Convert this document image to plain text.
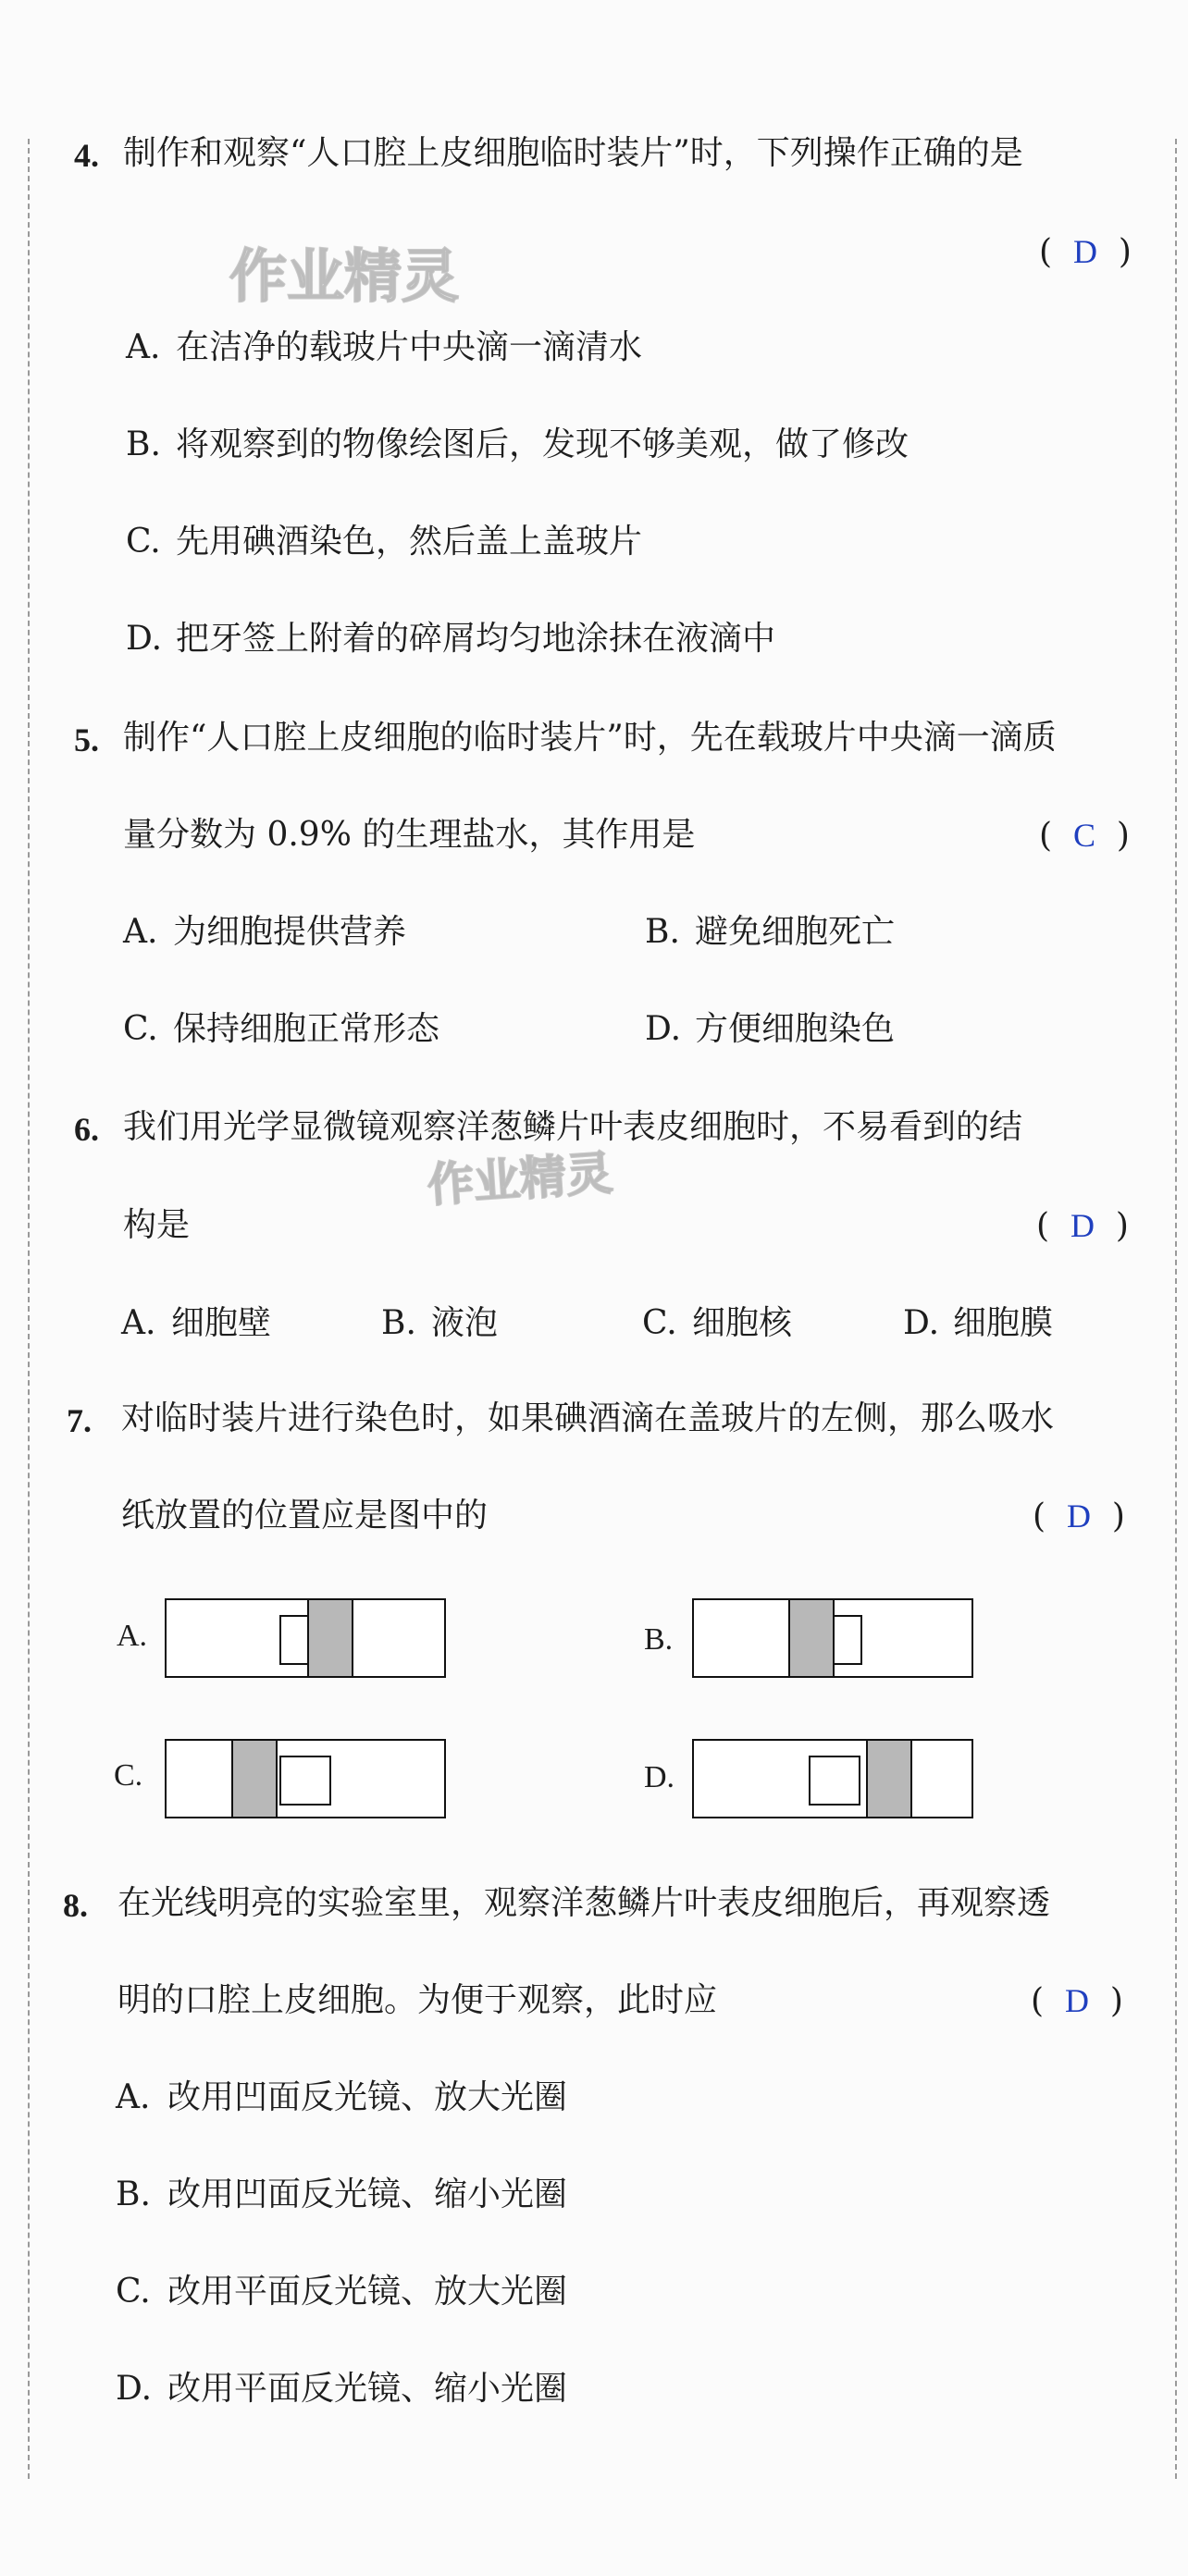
作业精灵
作业精灵
4. 制作和观察“人口腔上皮细胞临时装片”时，下列操作正确的是
(  D  )
A. 在洁净的载玻片中央滴一滴清水
B. 将观察到的物像绘图后，发现不够美观，做了修改
C. 先用碘酒染色，然后盖上盖玻片
D. 把牙签上附着的碎屑均匀地涂抹在液滴中
5. 制作“人口腔上皮细胞的临时装片”时，先在载玻片中央滴一滴质
量分数为 0.9% 的生理盐水，其作用是	(  C  )
A. 为细胞提供营养	B. 避免细胞死亡
C. 保持细胞正常形态	D. 方便细胞染色
6. 我们用光学显微镜观察洋葱鳞片叶表皮细胞时，不易看到的结
构是	(  D  )
A. 细胞壁	B. 液泡	C. 细胞核	D. 细胞膜
7. 对临时装片进行染色时，如果碘酒滴在盖玻片的左侧，那么吸水
纸放置的位置应是图中的	(  D  )
A.	B.
C.	D.
8. 在光线明亮的实验室里，观察洋葱鳞片叶表皮细胞后，再观察透
明的口腔上皮细胞。为便于观察，此时应	(  D  )
A. 改用凹面反光镜、放大光圈
B. 改用凹面反光镜、缩小光圈
C. 改用平面反光镜、放大光圈
D. 改用平面反光镜、缩小光圈
